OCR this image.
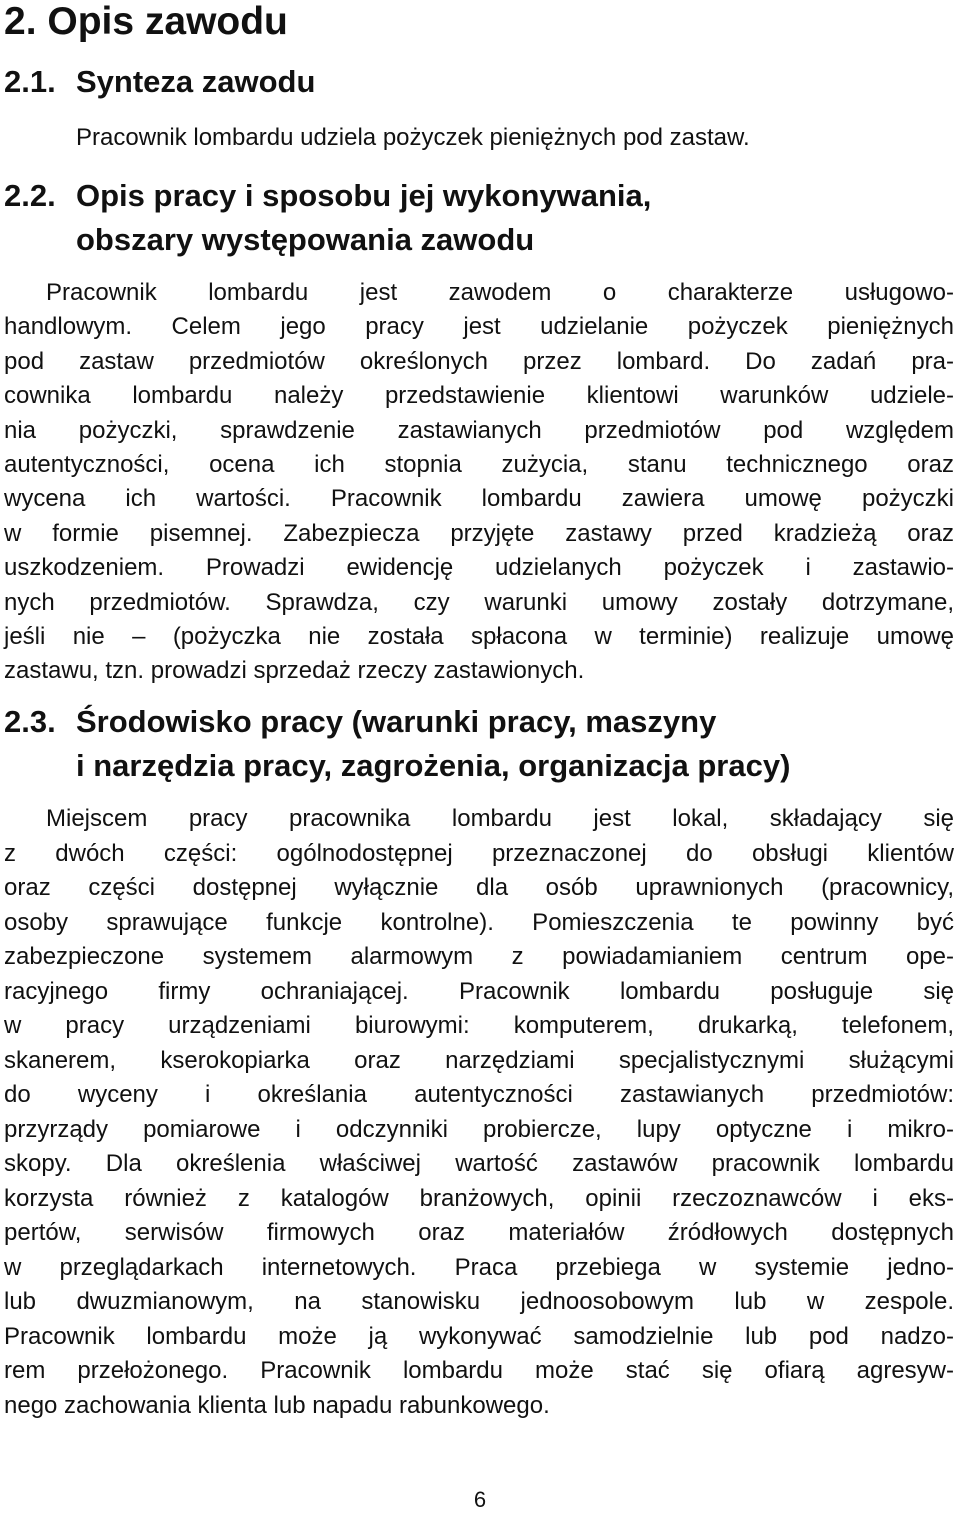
2. Opis zawodu
2.1. Synteza zawodu
Pracownik lombardu udziela pożyczek pieniężnych pod zastaw.
2.2. Opis pracy i sposobu jej wykonywania,
obszary występowania zawodu
Pracownik lombardu jest zawodem o charakterze usługowo-
handlowym. Celem jego pracy jest udzielanie pożyczek pieniężnych
pod zastaw przedmiotów określonych przez lombard. Do zadań pra-
cownika lombardu należy przedstawienie klientowi warunków udziele-
nia pożyczki, sprawdzenie zastawianych przedmiotów pod względem
autentyczności, ocena ich stopnia zużycia, stanu technicznego oraz
wycena ich wartości. Pracownik lombardu zawiera umowę pożyczki
w formie pisemnej. Zabezpiecza przyjęte zastawy przed kradzieżą oraz
uszkodzeniem. Prowadzi ewidencję udzielanych pożyczek i zastawio-
nych przedmiotów. Sprawdza, czy warunki umowy zostały dotrzymane,
jeśli nie – (pożyczka nie została spłacona w terminie) realizuje umowę
zastawu, tzn. prowadzi sprzedaż rzeczy zastawionych.
2.3. Środowisko pracy (warunki pracy, maszyny
i narzędzia pracy, zagrożenia, organizacja pracy)
Miejscem pracy pracownika lombardu jest lokal, składający się
z dwóch części: ogólnodostępnej przeznaczonej do obsługi klientów
oraz części dostępnej wyłącznie dla osób uprawnionych (pracownicy,
osoby sprawujące funkcje kontrolne). Pomieszczenia te powinny być
zabezpieczone systemem alarmowym z powiadamianiem centrum ope-
racyjnego firmy ochraniającej. Pracownik lombardu posługuje się
w pracy urządzeniami biurowymi: komputerem, drukarką, telefonem,
skanerem, kserokopiarka oraz narzędziami specjalistycznymi służącymi
do wyceny i określania autentyczności zastawianych przedmiotów:
przyrządy pomiarowe i odczynniki probiercze, lupy optyczne i mikro-
skopy. Dla określenia właściwej wartość zastawów pracownik lombardu
korzysta również z katalogów branżowych, opinii rzeczoznawców i eks-
pertów, serwisów firmowych oraz materiałów źródłowych dostępnych
w przeglądarkach internetowych. Praca przebiega w systemie jedno-
lub dwuzmianowym, na stanowisku jednoosobowym lub w zespole.
Pracownik lombardu może ją wykonywać samodzielnie lub pod nadzo-
rem przełożonego. Pracownik lombardu może stać się ofiarą agresyw-
nego zachowania klienta lub napadu rabunkowego.
6
